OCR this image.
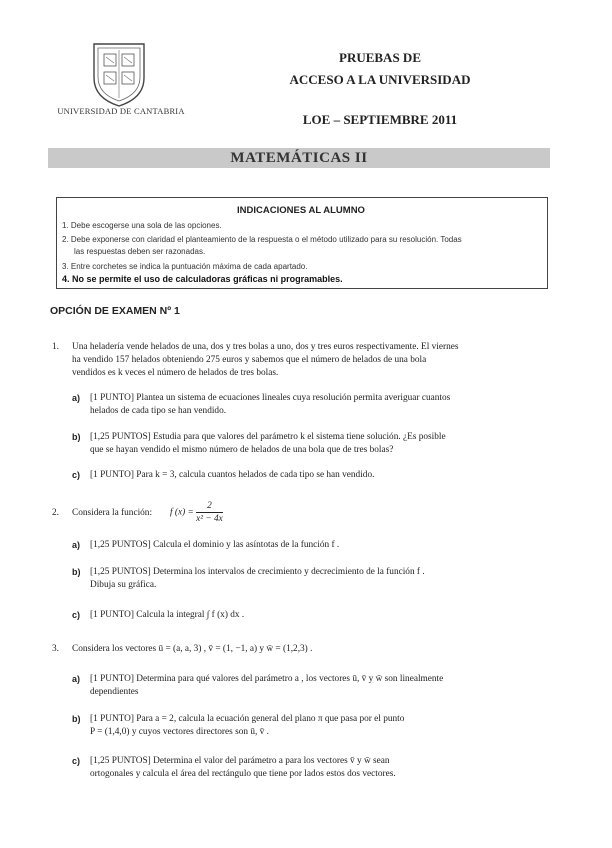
UNIVERSIDAD DE CANTABRIA
PRUEBAS DE
ACCESO A LA UNIVERSIDAD
LOE – SEPTIEMBRE 2011
MATEMÁTICAS II
INDICACIONES AL ALUMNO
1. Debe escogerse una sola de las opciones.
2. Debe exponerse con claridad el planteamiento de la respuesta o el método utilizado para su resolución. Todas
las respuestas deben ser razonadas.
3. Entre corchetes se indica la puntuación máxima de cada apartado.
4. No se permite el uso de calculadoras gráficas ni programables.
OPCIÓN DE EXAMEN Nº 1
1. Una heladería vende helados de una, dos y tres bolas a uno, dos y tres euros respectivamente. El viernes
ha vendido 157 helados obteniendo 275 euros y sabemos que el número de helados de una bola
vendidos es k veces el número de helados de tres bolas.
a) [1 PUNTO] Plantea un sistema de ecuaciones lineales cuya resolución permita averiguar cuantos
helados de cada tipo se han vendido.
b) [1,25 PUNTOS] Estudia para que valores del parámetro k el sistema tiene solución. ¿Es posible
que se hayan vendido el mismo número de helados de una bola que de tres bolas?
c) [1 PUNTO] Para k = 3, calcula cuantos helados de cada tipo se han vendido.
2. Considera la función: f $(x) = \frac{2}{\text{x² − 4x}}$
a) [1,25 PUNTOS] Calcula el dominio y las asíntotas de la función f .
b) [1,25 PUNTOS] Determina los intervalos de crecimiento y decrecimiento de la función f .
Dibuja su gráfica.
c) [1 PUNTO] Calcula la integral ∫ f (x) dx .
3. Considera los vectores ū = (a, a, 3) , v̄ = (1, −1, a) y w̄ = (1,2,3) .
a) [1 PUNTO] Determina para qué valores del parámetro a , los vectores ū, v̄ y w̄ son linealmente
dependientes
b) [1 PUNTO] Para a = 2, calcula la ecuación general del plano π que pasa por el punto
P = (1,4,0) y cuyos vectores directores son ū, v̄ .
c) [1,25 PUNTOS] Determina el valor del parámetro a para los vectores v̄ y w̄ sean
ortogonales y calcula el área del rectángulo que tiene por lados estos dos vectores.
